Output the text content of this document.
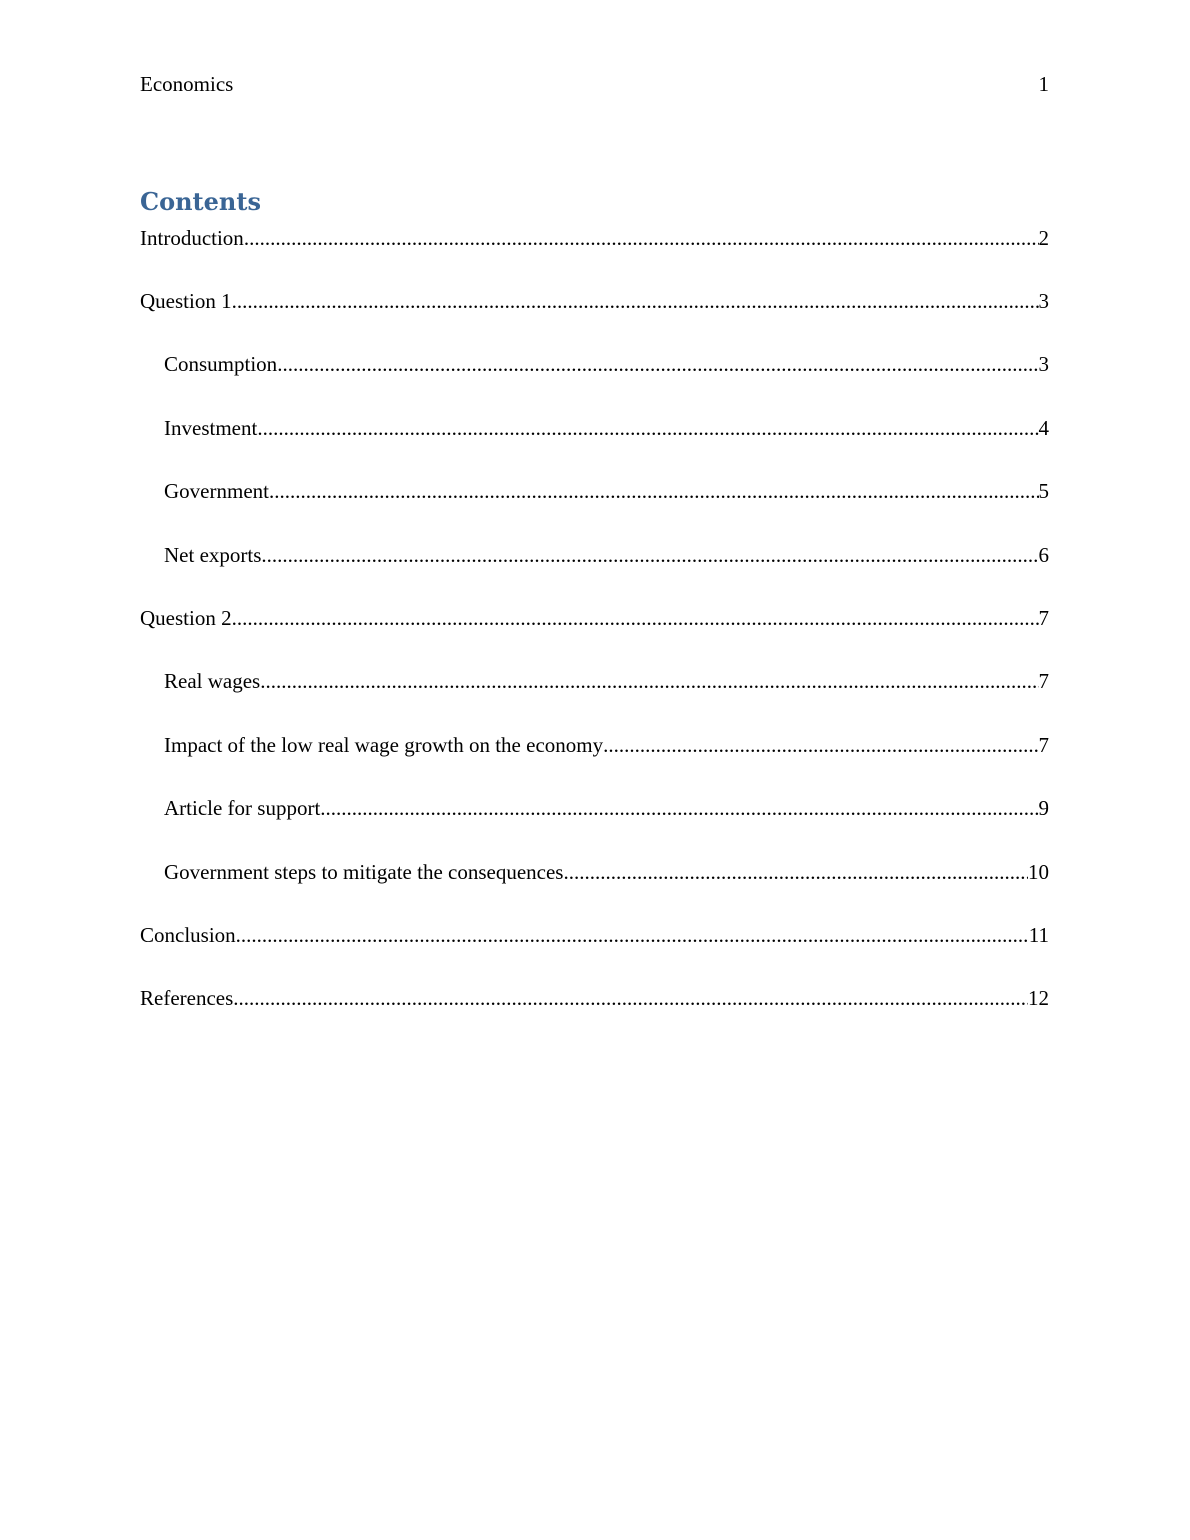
Economics	1
Contents
Introduction .....	2
Question 1 .....	3
Consumption .....	3
Investment .....	4
Government .....	5
Net exports .....	6
Question 2 .....	7
Real wages .....	7
Impact of the low real wage growth on the economy .....	7
Article for support .....	9
Government steps to mitigate the consequences .....	10
Conclusion .....	11
References .....	12
